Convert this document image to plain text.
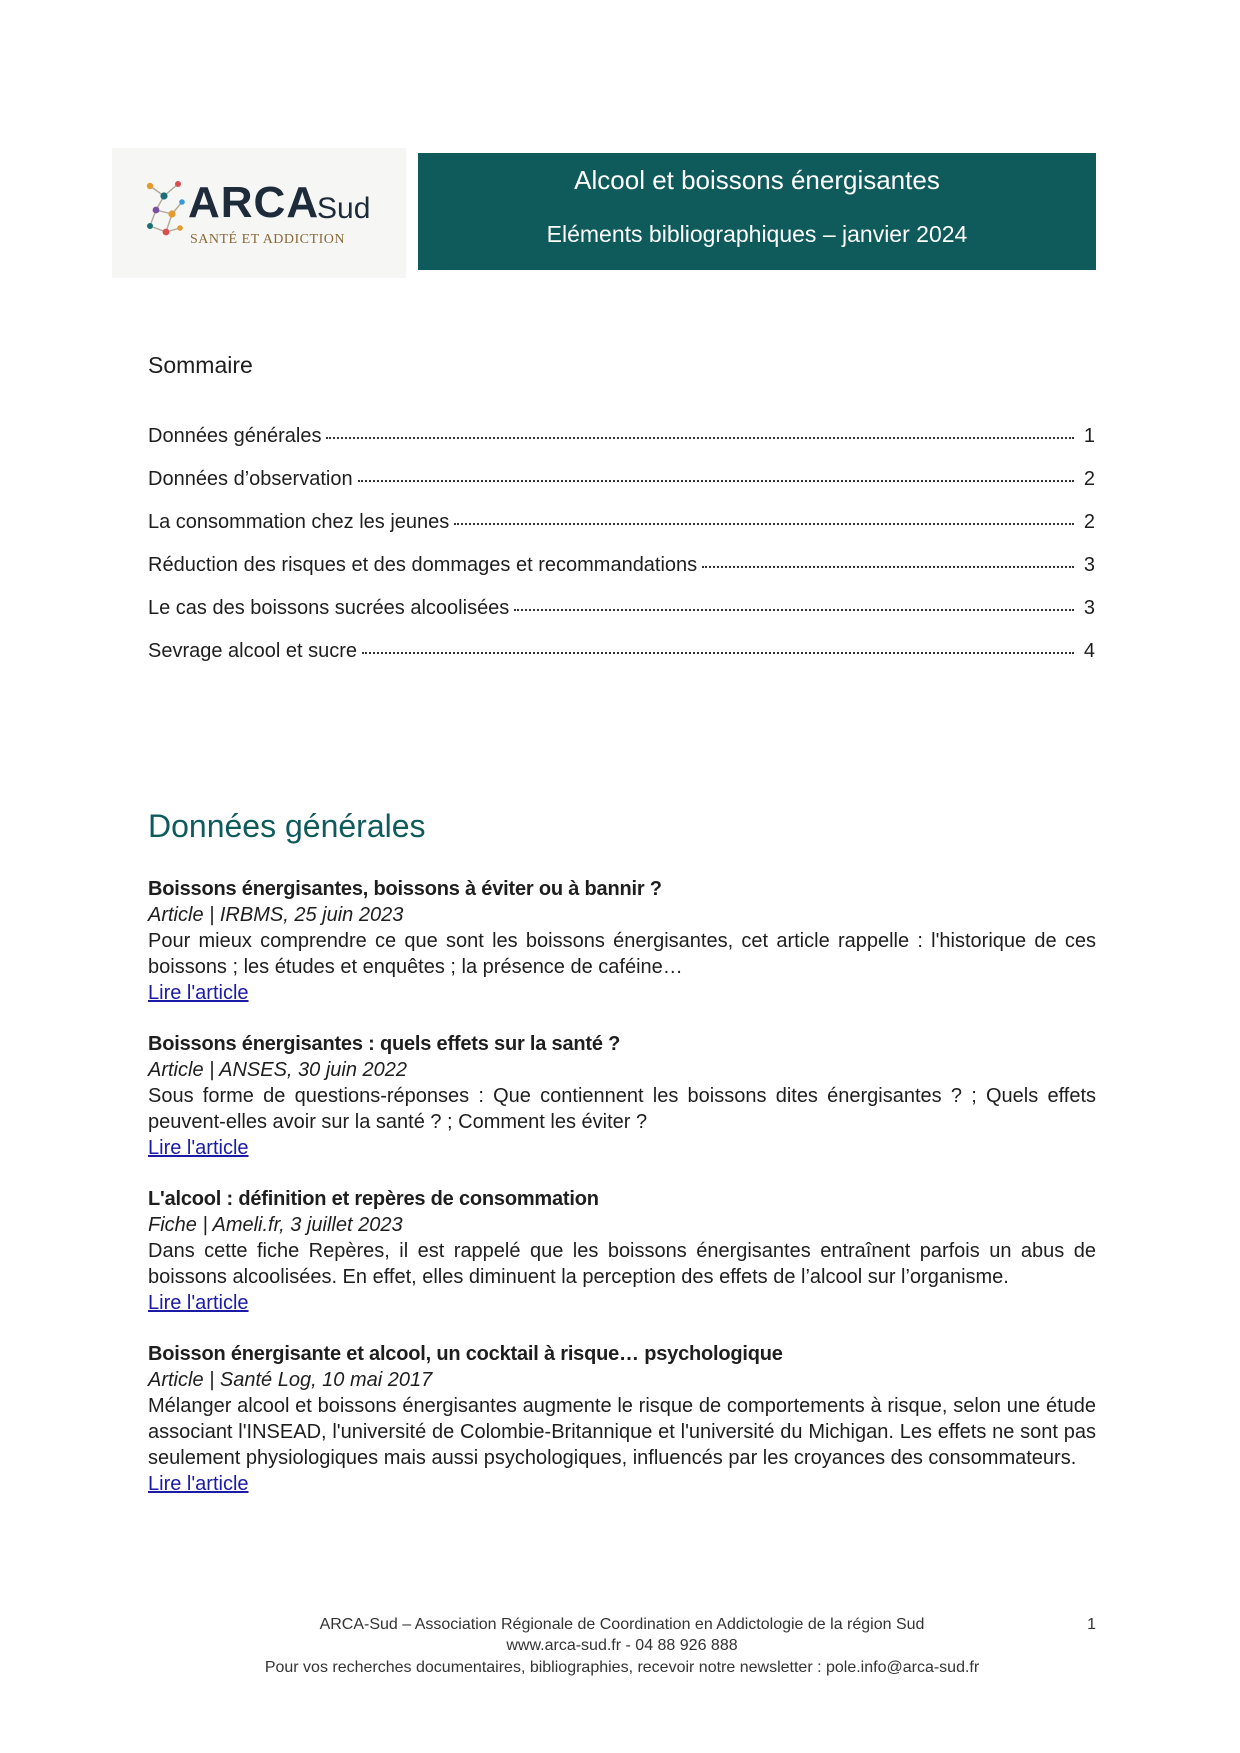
ARCA
Sud
SANTÉ ET ADDICTION
Alcool et boissons énergisantes
Eléments bibliographiques – janvier 2024
Sommaire
Données générales	1
Données d’observation	2
La consommation chez les jeunes	2
Réduction des risques et des dommages et recommandations	3
Le cas des boissons sucrées alcoolisées	3
Sevrage alcool et sucre	4
Données générales
Boissons énergisantes, boissons à éviter ou à bannir ?
Article | IRBMS, 25 juin 2023
Pour mieux comprendre ce que sont les boissons énergisantes, cet article rappelle : l'historique de ces boissons ; les études et enquêtes ; la présence de caféine…
Lire l'article
Boissons énergisantes : quels effets sur la santé ?
Article | ANSES, 30 juin 2022
Sous forme de questions-réponses : Que contiennent les boissons dites énergisantes ? ; Quels effets peuvent-elles avoir sur la santé ? ; Comment les éviter ?
Lire l'article
L'alcool : définition et repères de consommation
Fiche | Ameli.fr, 3 juillet 2023
Dans cette fiche Repères, il est rappelé que les boissons énergisantes entraînent parfois un abus de boissons alcoolisées. En effet, elles diminuent la perception des effets de l’alcool sur l’organisme.
Lire l'article
Boisson énergisante et alcool, un cocktail à risque… psychologique
Article | Santé Log, 10 mai 2017
Mélanger alcool et boissons énergisantes augmente le risque de comportements à risque, selon une étude associant l'INSEAD, l'université de Colombie-Britannique et l'université du Michigan. Les effets ne sont pas seulement physiologiques mais aussi psychologiques, influencés par les croyances des consommateurs.
Lire l'article
ARCA-Sud – Association Régionale de Coordination en Addictologie de la région Sud
www.arca-sud.fr - 04 88 926 888
Pour vos recherches documentaires, bibliographies, recevoir notre newsletter : pole.info@arca-sud.fr
1
